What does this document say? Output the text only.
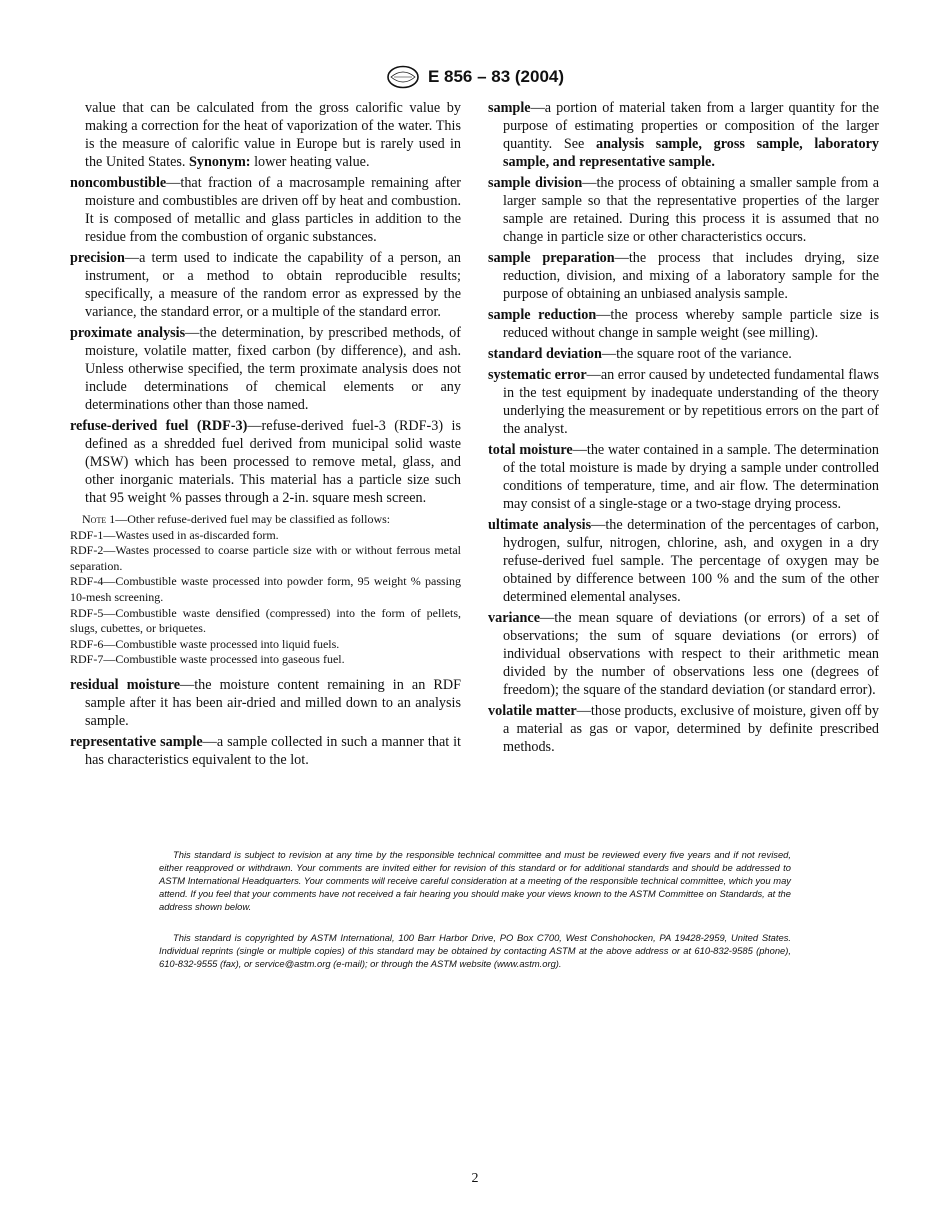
E 856 – 83 (2004)

value that can be calculated from the gross calorific value by making a correction for the heat of vaporization of the water. This is the measure of calorific value in Europe but is rarely used in the United States. Synonym: lower heating value.

noncombustible—that fraction of a macrosample remaining after moisture and combustibles are driven off by heat and combustion. It is composed of metallic and glass particles in addition to the residue from the combustion of organic substances.

precision—a term used to indicate the capability of a person, an instrument, or a method to obtain reproducible results; specifically, a measure of the random error as expressed by the variance, the standard error, or a multiple of the standard error.

proximate analysis—the determination, by prescribed methods, of moisture, volatile matter, fixed carbon (by difference), and ash. Unless otherwise specified, the term proximate analysis does not include determinations of chemical elements or any determinations other than those named.

refuse-derived fuel (RDF-3)—refuse-derived fuel-3 (RDF-3) is defined as a shredded fuel derived from municipal solid waste (MSW) which has been processed to remove metal, glass, and other inorganic materials. This material has a particle size such that 95 weight % passes through a 2-in. square mesh screen.

Note 1—Other refuse-derived fuel may be classified as follows:

RDF-1—Wastes used in as-discarded form.

RDF-2—Wastes processed to coarse particle size with or without ferrous metal separation.

RDF-4—Combustible waste processed into powder form, 95 weight % passing 10-mesh screening.

RDF-5—Combustible waste densified (compressed) into the form of pellets, slugs, cubettes, or briquetes.

RDF-6—Combustible waste processed into liquid fuels.

RDF-7—Combustible waste processed into gaseous fuel.

residual moisture—the moisture content remaining in an RDF sample after it has been air-dried and milled down to an analysis sample.

representative sample—a sample collected in such a manner that it has characteristics equivalent to the lot.

sample—a portion of material taken from a larger quantity for the purpose of estimating properties or composition of the larger quantity. See analysis sample, gross sample, laboratory sample, and representative sample.

sample division—the process of obtaining a smaller sample from a larger sample so that the representative properties of the larger sample are retained. During this process it is assumed that no change in particle size or other characteristics occurs.

sample preparation—the process that includes drying, size reduction, division, and mixing of a laboratory sample for the purpose of obtaining an unbiased analysis sample.

sample reduction—the process whereby sample particle size is reduced without change in sample weight (see milling).

standard deviation—the square root of the variance.

systematic error—an error caused by undetected fundamental flaws in the test equipment by inadequate understanding of the theory underlying the measurement or by repetitious errors on the part of the analyst.

total moisture—the water contained in a sample. The determination of the total moisture is made by drying a sample under controlled conditions of temperature, time, and air flow. The determination may consist of a single-stage or a two-stage drying process.

ultimate analysis—the determination of the percentages of carbon, hydrogen, sulfur, nitrogen, chlorine, ash, and oxygen in a dry refuse-derived fuel sample. The percentage of oxygen may be obtained by difference between 100 % and the sum of the other determined elemental analyses.

variance—the mean square of deviations (or errors) of a set of observations; the sum of square deviations (or errors) of individual observations with respect to their arithmetic mean divided by the number of observations less one (degrees of freedom); the square of the standard deviation (or standard error).

volatile matter—those products, exclusive of moisture, given off by a material as gas or vapor, determined by definite prescribed methods.

This standard is subject to revision at any time by the responsible technical committee and must be reviewed every five years and if not revised, either reapproved or withdrawn. Your comments are invited either for revision of this standard or for additional standards and should be addressed to ASTM International Headquarters. Your comments will receive careful consideration at a meeting of the responsible technical committee, which you may attend. If you feel that your comments have not received a fair hearing you should make your views known to the ASTM Committee on Standards, at the address shown below.

This standard is copyrighted by ASTM International, 100 Barr Harbor Drive, PO Box C700, West Conshohocken, PA 19428-2959, United States. Individual reprints (single or multiple copies) of this standard may be obtained by contacting ASTM at the above address or at 610-832-9585 (phone), 610-832-9555 (fax), or service@astm.org (e-mail); or through the ASTM website (www.astm.org).

2
